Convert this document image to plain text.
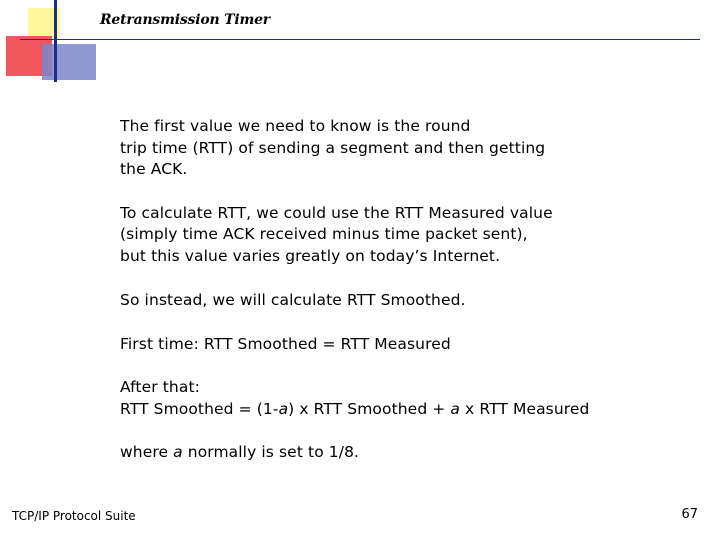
Retransmission Timer

The first value we need to know is the round
trip time (RTT) of sending a segment and then getting
the ACK.

To calculate RTT, we could use the RTT Measured value
(simply time ACK received minus time packet sent),
but this value varies greatly on today’s Internet.

So instead, we will calculate RTT Smoothed.

First time: RTT Smoothed = RTT Measured

After that:
RTT Smoothed = (1-a) x RTT Smoothed + a x RTT Measured
where a normally is set to 1/8.
TCP/IP Protocol Suite	67
